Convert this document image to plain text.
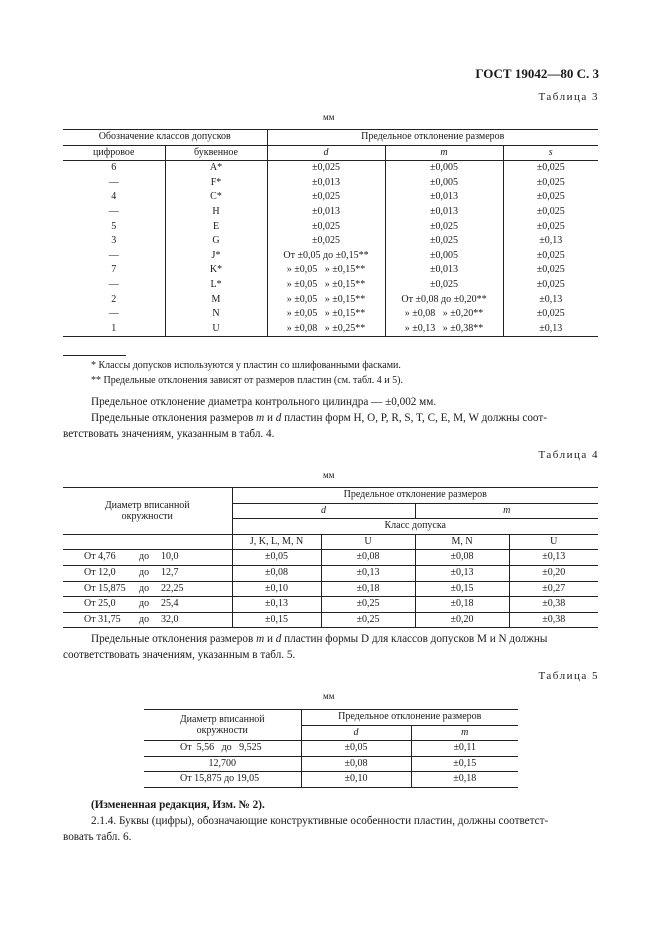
ГОСТ 19042—80 С. 3
Таблица 3
мм
Обозначение классов допусков		Предельное отклонение размеров		
цифровое	буквенное	d	m	s
6	A*	±0,025	±0,005	±0,025
—	F*	±0,013	±0,005	±0,025
4	C*	±0,025	±0,013	±0,025
—	H	±0,013	±0,013	±0,025
5	E	±0,025	±0,025	±0,025
3	G	±0,025	±0,025	±0,13
—	J*	От ±0,05 до ±0,15**	±0,005	±0,025
7	K*	» ±0,05   » ±0,15**	±0,013	±0,025
—	L*	» ±0,05   » ±0,15**	±0,025	±0,025
2	M	» ±0,05   » ±0,15**	От ±0,08 до ±0,20**	±0,13
—	N	» ±0,05   » ±0,15**	» ±0,08   » ±0,20**	±0,025
1	U	» ±0,08   » ±0,25**	» ±0,13   » ±0,38**	±0,13
* Классы допусков используются у пластин со шлифованными фасками.
** Предельные отклонения зависят от размеров пластин (см. табл. 4 и 5).
Предельное отклонение диаметра контрольного цилиндра — ±0,002 мм.
Предельные отклонения размеров m и d пластин форм H, O, P, R, S, T, C, E, M, W должны соот-
ветствовать значениям, указанным в табл. 4.
Таблица 4
мм
Диаметр вписанной
окружности	Предельное отклонение размеров			
	d		m	
	Класс допуска			
	J, K, L, M, N	U	M, N	U

От 4,76 до 10,0	±0,05	±0,08	±0,08	±0,13

От 12,0 до 12,7	±0,08	±0,13	±0,13	±0,20

От 15,875 до 22,25	±0,10	±0,18	±0,15	±0,27

От 25,0 до 25,4	±0,13	±0,25	±0,18	±0,38

От 31,75 до 32,0	±0,15	±0,25	±0,20	±0,38
Предельные отклонения размеров m и d пластин формы D для классов допусков M и N должны
соответствовать значениям, указанным в табл. 5.
Таблица 5
мм
Диаметр вписанной
окружности	Предельное отклонение размеров	
	d	m
От  5,56   до   9,525	±0,05	±0,11
12,700	±0,08	±0,15
От 15,875 до 19,05	±0,10	±0,18
(Измененная редакция, Изм. № 2).
2.1.4. Буквы (цифры), обозначающие конструктивные особенности пластин, должны соответст-
вовать табл. 6.
